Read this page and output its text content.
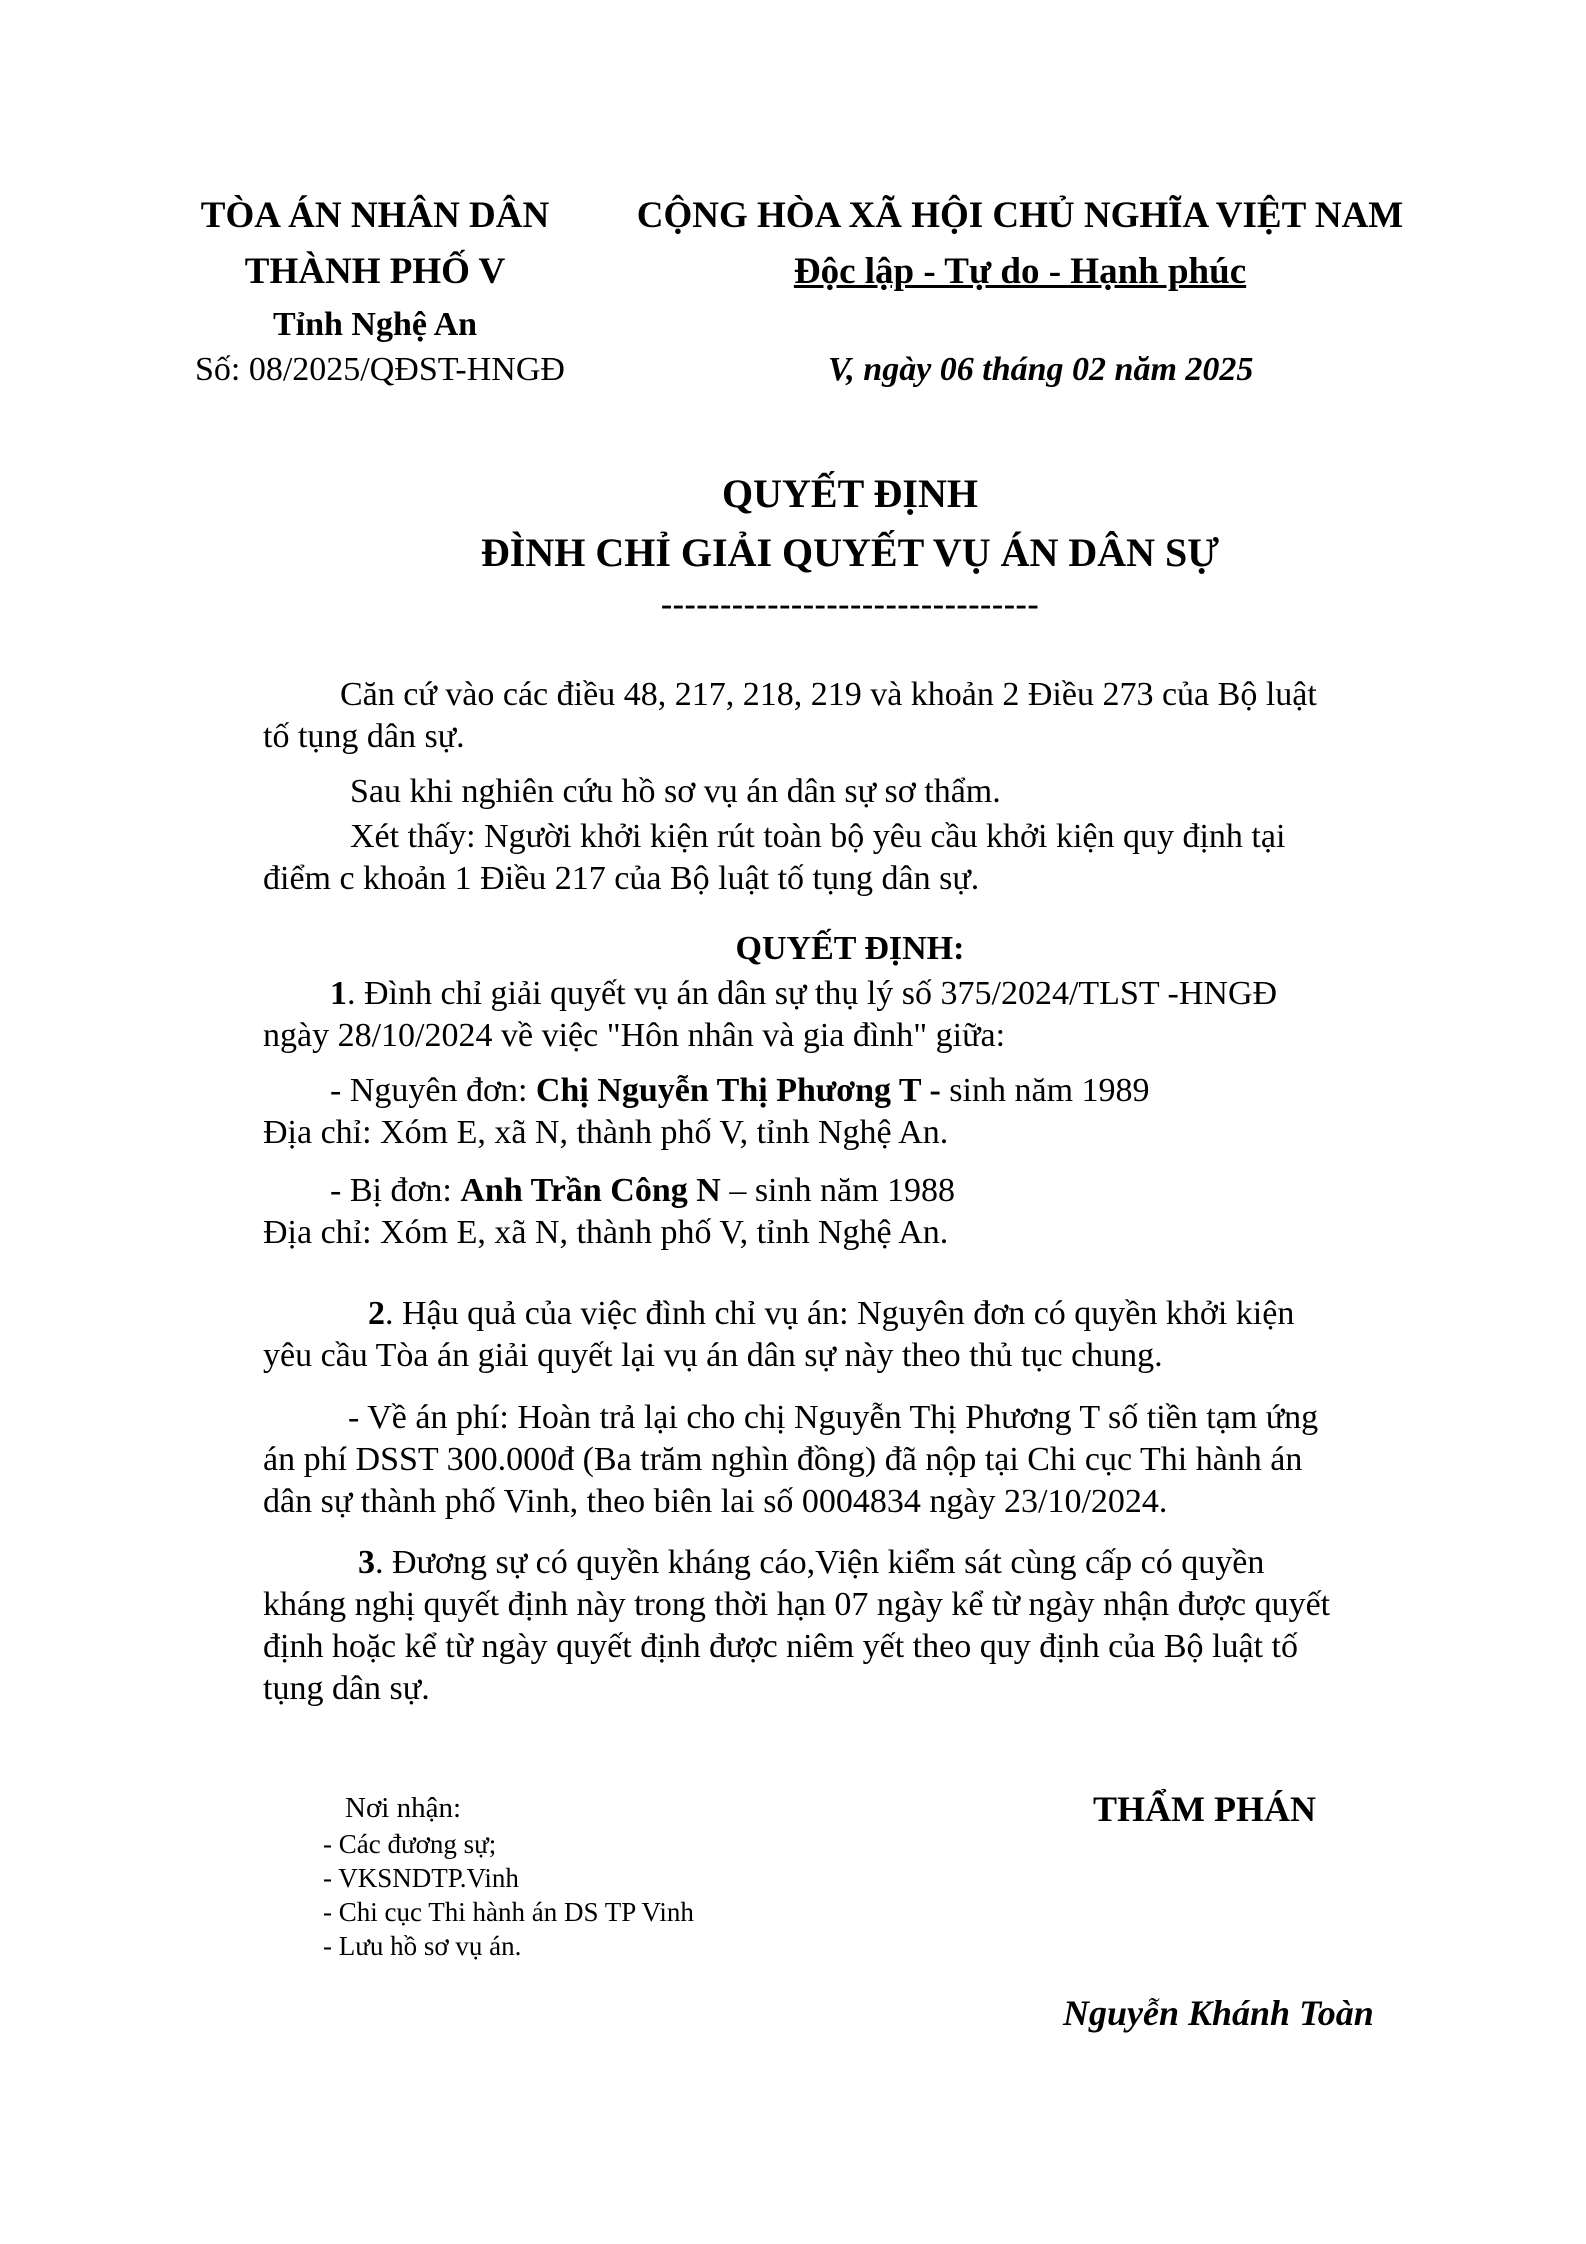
TÒA ÁN NHÂN DÂN
THÀNH PHỐ V
Tỉnh Nghệ An
Số: 08/2025/QĐST-HNGĐ
CỘNG HÒA XÃ HỘI CHỦ NGHĨA VIỆT NAM
Độc lập - Tự do - Hạnh phúc
V, ngày 06 tháng 02 năm 2025
QUYẾT ĐỊNH
ĐÌNH CHỈ GIẢI QUYẾT VỤ ÁN DÂN SỰ
--------------------------------
Căn cứ vào các điều 48, 217, 218, 219 và khoản 2 Điều 273 của Bộ luật
tố tụng dân sự.
Sau khi nghiên cứu hồ sơ vụ án dân sự sơ thẩm.
Xét thấy: Người khởi kiện rút toàn bộ yêu cầu khởi kiện quy định tại
điểm c khoản 1 Điều 217 của Bộ luật tố tụng dân sự.
QUYẾT ĐỊNH:
1. Đình chỉ giải quyết vụ án dân sự thụ lý số 375/2024/TLST -HNGĐ
ngày 28/10/2024 về việc "Hôn nhân và gia đình" giữa:
- Nguyên đơn: Chị Nguyễn Thị Phương T - sinh năm 1989
Địa chỉ: Xóm E, xã N, thành phố V, tỉnh Nghệ An.
- Bị đơn: Anh Trần Công N – sinh năm 1988
Địa chỉ: Xóm E, xã N, thành phố V, tỉnh Nghệ An.
2. Hậu quả của việc đình chỉ vụ án: Nguyên đơn có quyền khởi kiện
yêu cầu Tòa án giải quyết lại vụ án dân sự này theo thủ tục chung.
- Về án phí: Hoàn trả lại cho chị Nguyễn Thị Phương T số tiền tạm ứng
án phí DSST 300.000đ (Ba trăm nghìn đồng) đã nộp tại Chi cục Thi hành án
dân sự thành phố Vinh, theo biên lai số 0004834 ngày 23/10/2024.
3. Đương sự có quyền kháng cáo,Viện kiểm sát cùng cấp có quyền
kháng nghị quyết định này trong thời hạn 07 ngày kể từ ngày nhận được quyết
định hoặc kể từ ngày quyết định được niêm yết theo quy định của Bộ luật tố
tụng dân sự.
Nơi nhận:
- Các đương sự;
- VKSNDTP.Vinh
- Chi cục Thi hành án DS TP Vinh
- Lưu hồ sơ vụ án.
THẨM PHÁN
Nguyễn Khánh Toàn
